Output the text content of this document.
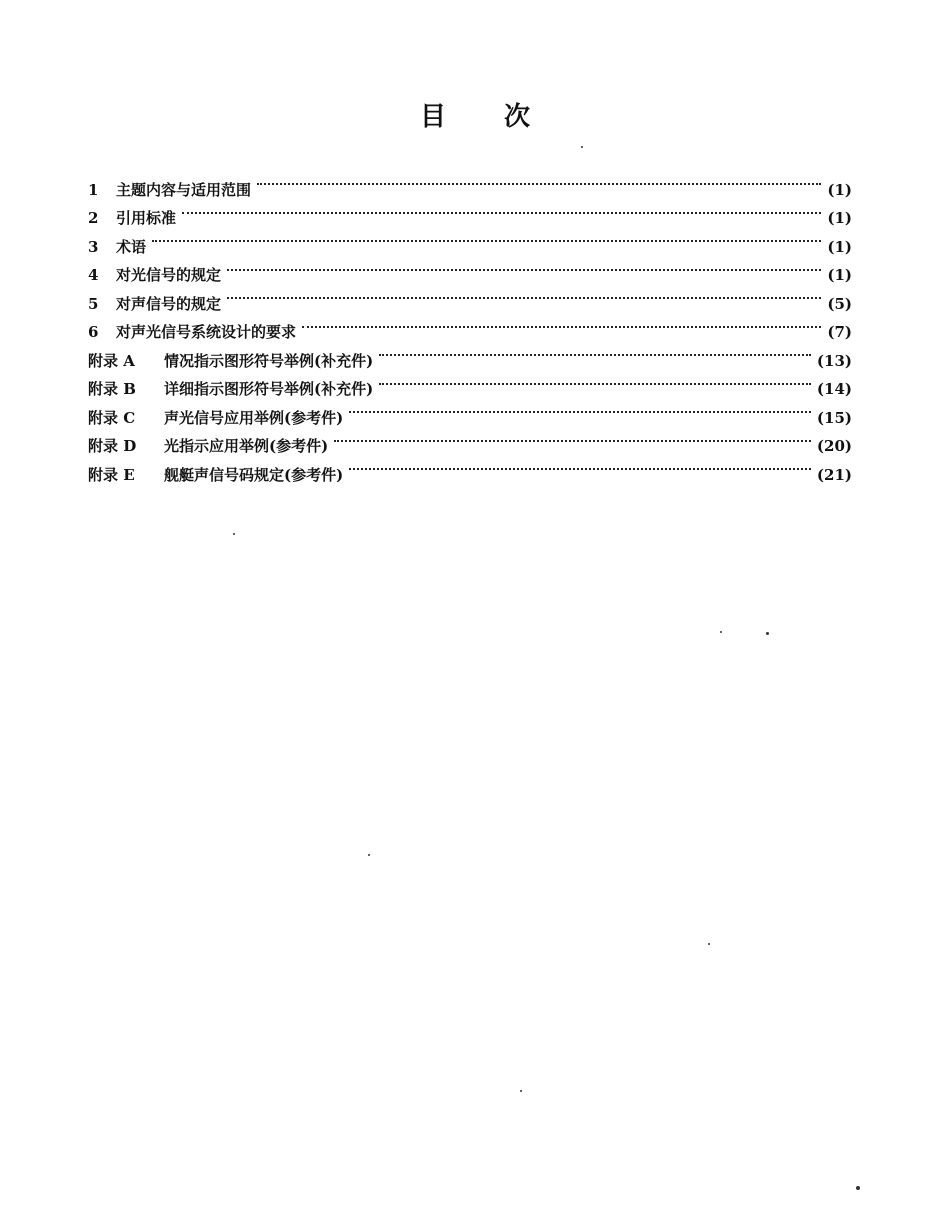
目 次
1	主题内容与适用范围	(1)
2	引用标准	(1)
3	术语	(1)
4	对光信号的规定	(1)
5	对声信号的规定	(5)
6	对声光信号系统设计的要求	(7)
附录 A	情况指示图形符号举例(补充件)	(13)
附录 B	详细指示图形符号举例(补充件)	(14)
附录 C	声光信号应用举例(参考件)	(15)
附录 D	光指示应用举例(参考件)	(20)
附录 E	舰艇声信号码规定(参考件)	(21)
